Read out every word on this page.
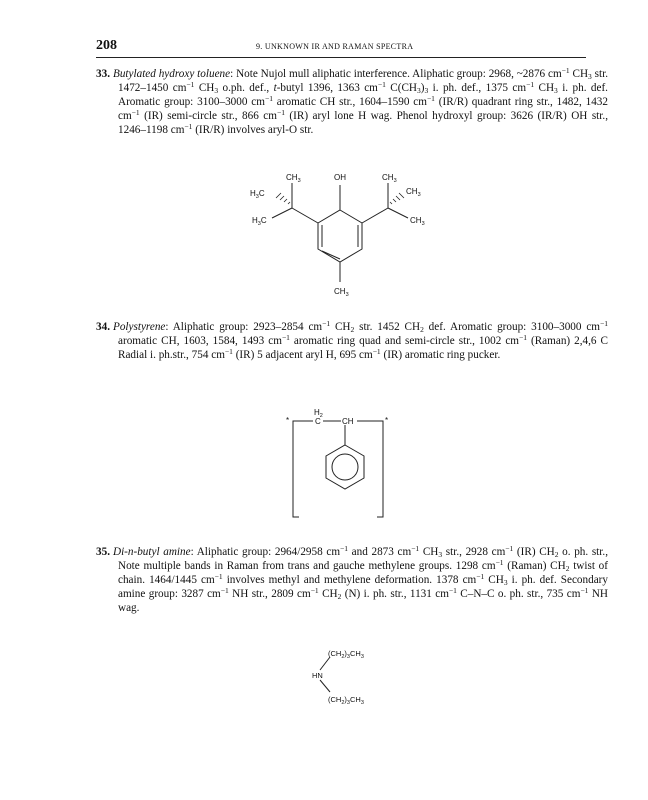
208	9. UNKNOWN IR AND RAMAN SPECTRA
33. Butylated hydroxy toluene: Note Nujol mull aliphatic interference. Aliphatic group: 2968, ~2876 $cm^{-1}$ $CH_3$ str. 1472–1450 $cm^{-1}$ $CH_3$ o.ph. def., t-butyl 1396, 1363 $cm^{-1}$ $C(CH_3)_3$ i. ph. def., 1375 $cm^{-1}$ $CH_3$ i. ph. def. Aromatic group: 3100–3000 $cm^{-1}$ aromatic CH str., 1604–1590 $cm^{-1}$ (IR/R) quadrant ring str., 1482, 1432 $cm^{-1}$ (IR) semi-circle str., 866 $cm^{-1}$ (IR) aryl lone H wag. Phenol hydroxyl group: 3626 (IR/R) OH str., 1246–1198 $cm^{-1}$ (IR/R) involves aryl-O str.
$CH_3$	OH	$CH_3$
$H_3C$	$CH_3$
$H_3C$	$CH_3$
$CH_3$
34. Polystyrene: Aliphatic group: 2923–2854 $cm^{-1}$ $CH_2$ str. 1452 $CH_2$ def. Aromatic group: 3100–3000 $cm^{-1}$ aromatic CH, 1603, 1584, 1493 $cm^{-1}$ aromatic ring quad and semi-circle str., 1002 $cm^{-1}$ (Raman) 2,4,6 C Radial i. ph.str., 754 $cm^{-1}$ (IR) 5 adjacent aryl H, 695 $cm^{-1}$ (IR) aromatic ring pucker.
*
$H_2$
C	CH	*
35. Di-n-butyl amine: Aliphatic group: 2964/2958 $cm^{-1}$ and 2873 $cm^{-1}$ $CH_3$ str., 2928 $cm^{-1}$ (IR) $CH_2$ o. ph. str., Note multiple bands in Raman from trans and gauche methylene groups. 1298 $cm^{-1}$ (Raman) $CH_2$ twist of chain. 1464/1445 $cm^{-1}$ involves methyl and methylene deformation. 1378 $cm^{-1}$ $CH_3$ i. ph. def. Secondary amine group: 3287 $cm^{-1}$ NH str., 2809 $cm^{-1}$ $CH_2$ (N) i. ph. str., 1131 $cm^{-1}$ C–N–C o. ph. str., 735 $cm^{-1}$ NH wag.
$(CH_2)_3CH_3$
HN
$(CH_2)_3CH_3$
